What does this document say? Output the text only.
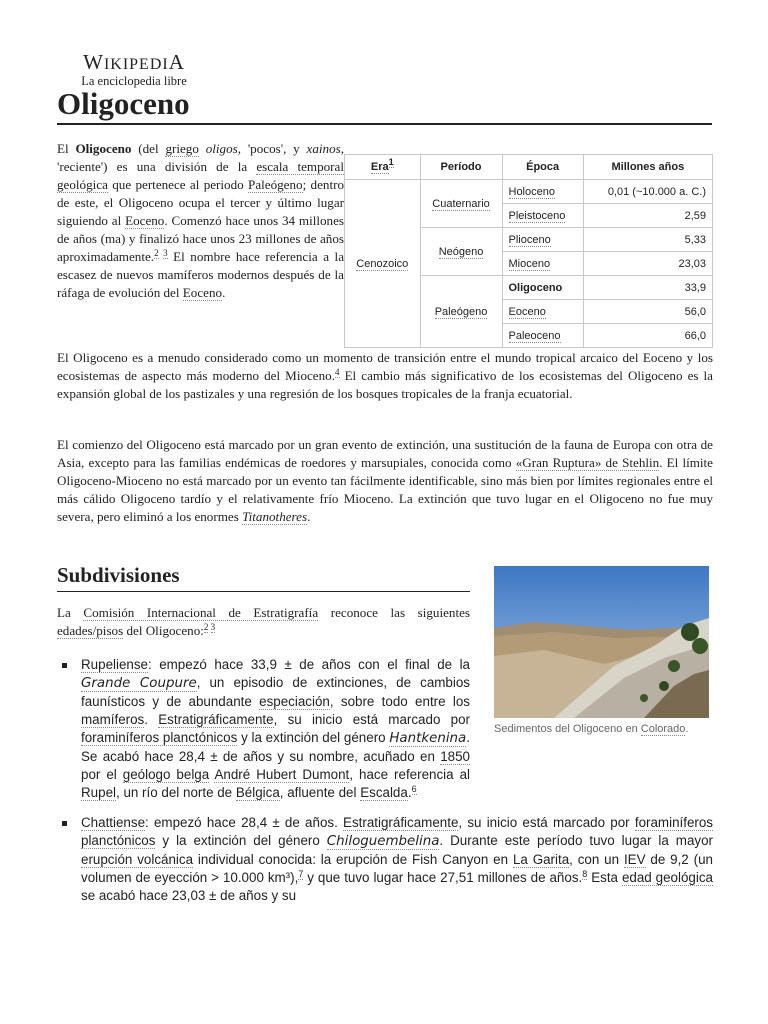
WIKIPEDIA
La enciclopedia libre
Oligoceno

El Oligoceno (del griego oligos, 'pocos', y xainos, 'reciente') es una división de la escala temporal geológica que pertenece al periodo Paleógeno; dentro de este, el Oligoceno ocupa el tercer y último lugar siguiendo al Eoceno. Comenzó hace unos 34 millones de años (ma) y finalizó hace unos 23 millones de años aproximadamente.$^{2 3}$ El nombre hace referencia a la escasez de nuevos mamíferos modernos después de la ráfaga de evolución del Eoceno.

Era$^1$	Período	Época	Millones años
Cenozoico	Cuaternario	Holoceno	0,01 (~10.000 a. C.)
		Pleistoceno	2,59
	Neógeno	Plioceno	5,33
		Mioceno	23,03
	Paleógeno	Oligoceno	33,9
		Eoceno	56,0
		Paleoceno	66,0

El Oligoceno es a menudo considerado como un momento de transición entre el mundo tropical arcaico del Eoceno y los ecosistemas de aspecto más moderno del Mioceno.$^4$ El cambio más significativo de los ecosistemas del Oligoceno es la expansión global de los pastizales y una regresión de los bosques tropicales de la franja ecuatorial.

El comienzo del Oligoceno está marcado por un gran evento de extinción, una sustitución de la fauna de Europa con otra de Asia, excepto para las familias endémicas de roedores y marsupiales, conocida como «Gran Ruptura» de Stehlin. El límite Oligoceno-Mioceno no está marcado por un evento tan fácilmente identificable, sino más bien por límites regionales entre el más cálido Oligoceno tardío y el relativamente frío Mioceno. La extinción que tuvo lugar en el Oligoceno no fue muy severa, pero eliminó a los enormes Titanotheres.

Subdivisiones
Sedimentos del Oligoceno en Colorado.

La Comisión Internacional de Estratigrafía reconoce las siguientes edades/pisos del Oligoceno:$^{2 3}$

Rupeliense: empezó hace 33,9 ± de años con el final de la Grande Coupure, un episodio de extinciones, de cambios faunísticos y de abundante especiación, sobre todo entre los mamíferos. Estratigráficamente, su inicio está marcado por foraminíferos planctónicos y la extinción del género Hantkenina. Se acabó hace 28,4 ± de años y su nombre, acuñado en 1850 por el geólogo belga André Hubert Dumont, hace referencia al Rupel, un río del norte de Bélgica, afluente del Escalda.$^6$
Chattiense: empezó hace 28,4 ± de años. Estratigráficamente, su inicio está marcado por foraminíferos planctónicos y la extinción del género Chiloguembelina. Durante este período tuvo lugar la mayor erupción volcánica individual conocida: la erupción de Fish Canyon en La Garita, con un IEV de 9,2 (un volumen de eyección > 10.000 km³),$^7$ y que tuvo lugar hace 27,51 millones de años.$^8$ Esta edad geológica se acabó hace 23,03 ± de años y su
